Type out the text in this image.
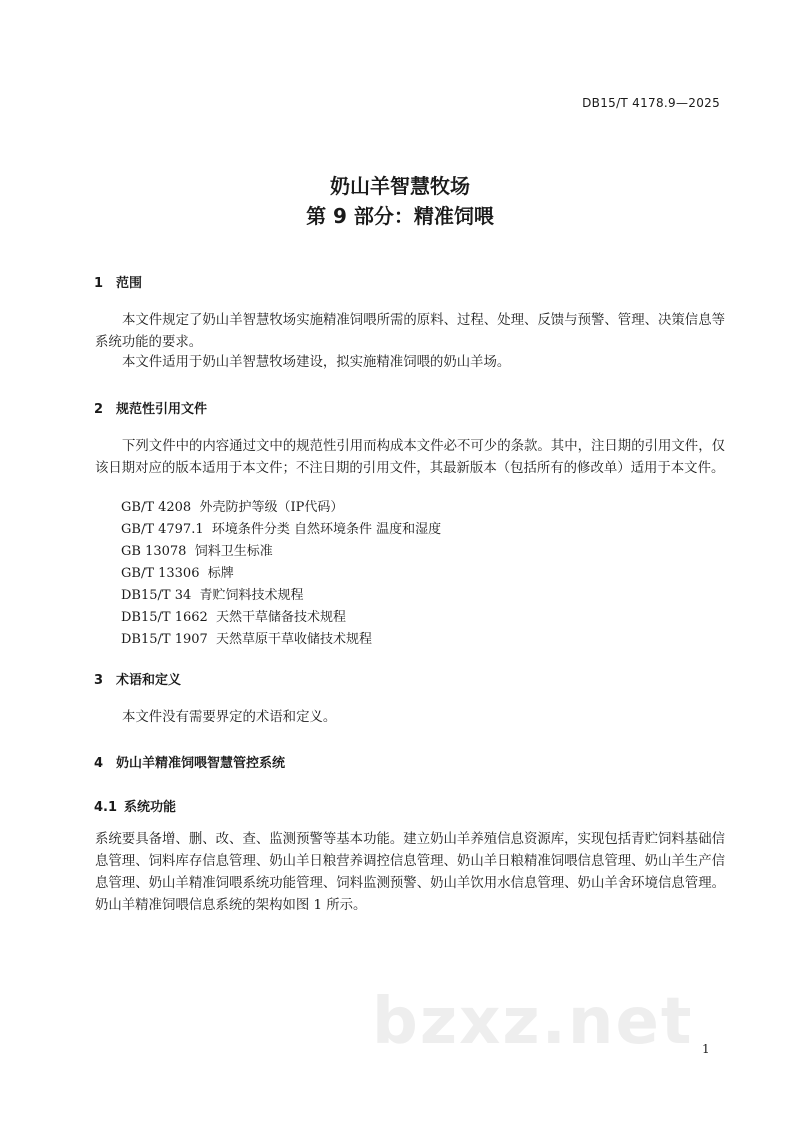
DB15/T 4178.9—2025
奶山羊智慧牧场
第 9 部分：精准饲喂
1 范围
本文件规定了奶山羊智慧牧场实施精准饲喂所需的原料、过程、处理、反馈与预警、管理、决策信息等系统功能的要求。
本文件适用于奶山羊智慧牧场建设，拟实施精准饲喂的奶山羊场。
2 规范性引用文件
下列文件中的内容通过文中的规范性引用而构成本文件必不可少的条款。其中，注日期的引用文件，仅该日期对应的版本适用于本文件；不注日期的引用文件，其最新版本（包括所有的修改单）适用于本文件。
GB/T 4208  外壳防护等级（IP代码）
GB/T 4797.1  环境条件分类 自然环境条件 温度和湿度
GB 13078  饲料卫生标准
GB/T 13306  标牌
DB15/T 34  青贮饲料技术规程
DB15/T 1662  天然干草储备技术规程
DB15/T 1907  天然草原干草收储技术规程
3 术语和定义
本文件没有需要界定的术语和定义。
4 奶山羊精准饲喂智慧管控系统
4.1 系统功能
系统要具备增、删、改、查、监测预警等基本功能。建立奶山羊养殖信息资源库，实现包括青贮饲料基础信息管理、饲料库存信息管理、奶山羊日粮营养调控信息管理、奶山羊日粮精准饲喂信息管理、奶山羊生产信息管理、奶山羊精准饲喂系统功能管理、饲料监测预警、奶山羊饮用水信息管理、奶山羊舍环境信息管理。奶山羊精准饲喂信息系统的架构如图 1 所示。
bzxz.net 1
